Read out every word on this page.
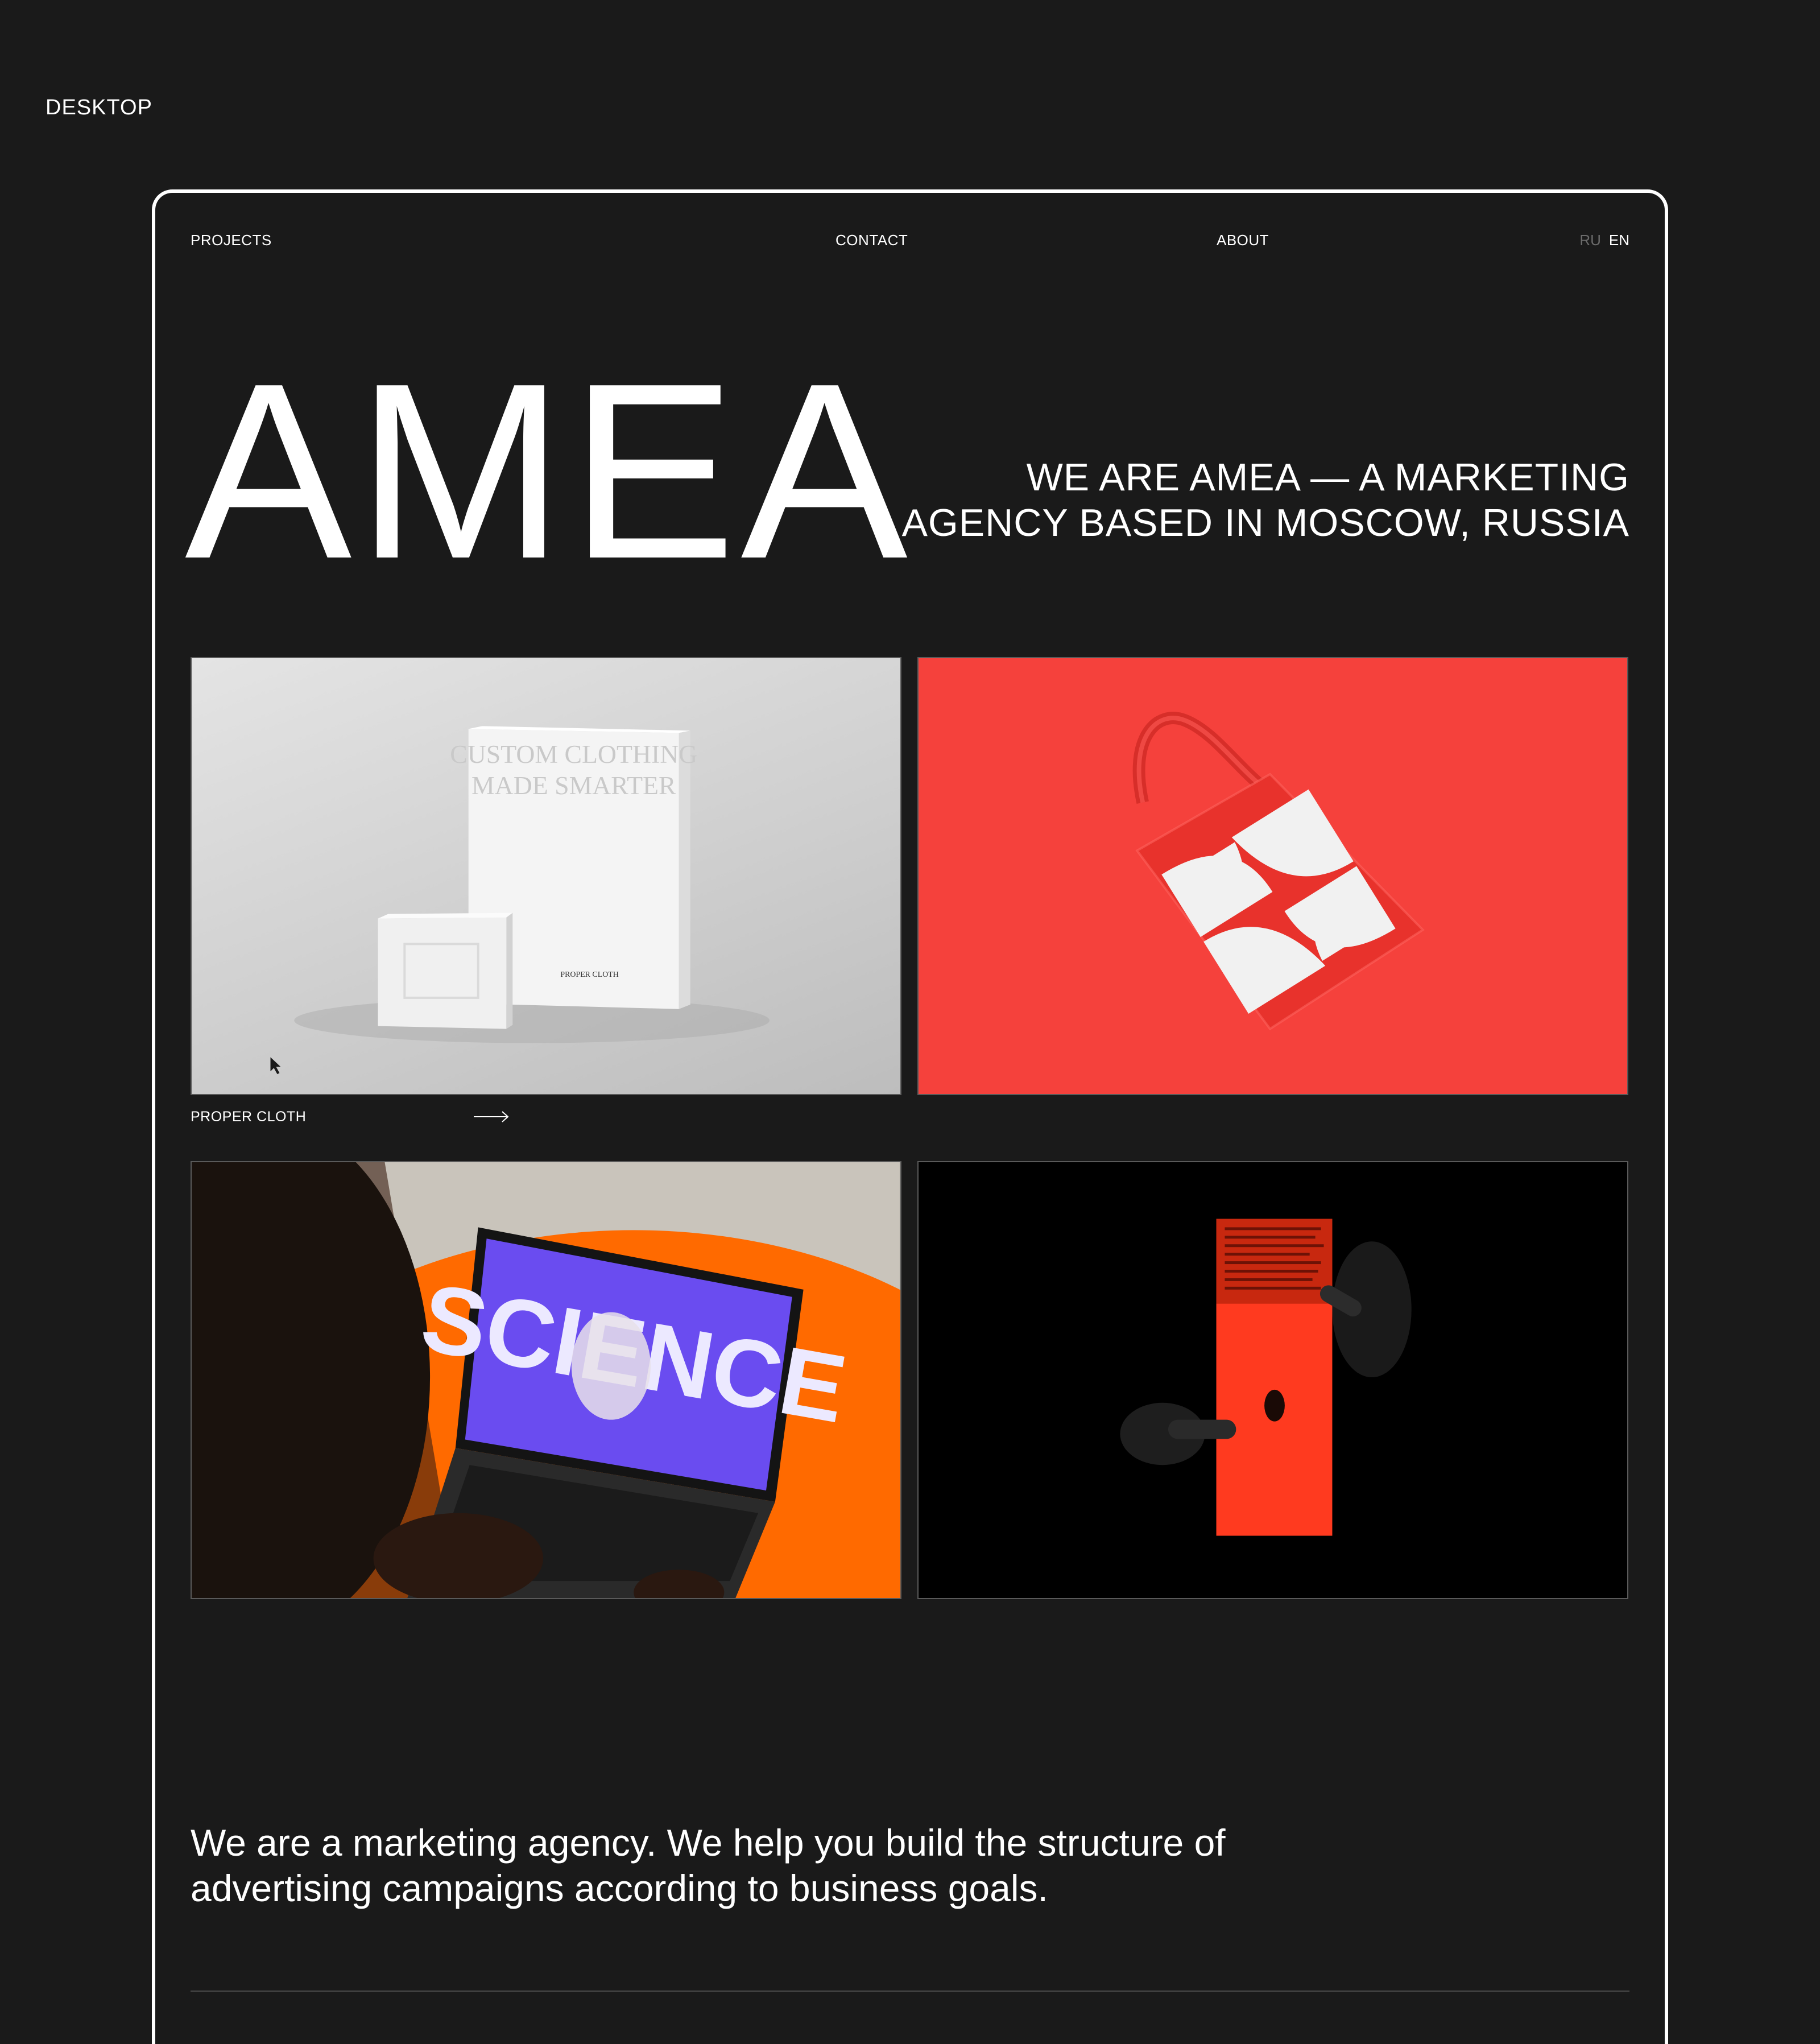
DESKTOP
PROJECTS	CONTACT	ABOUT	RU EN
AMEA	WE ARE AMEA — A MARKETING AGENCY BASED IN MOSCOW, RUSSIA

CUSTOM CLOTHING
MADE SMARTER
PROPER CLOTH
PROPER CLOTH

We are a marketing agency. We help you build the structure of advertising campaigns according to business goals.
